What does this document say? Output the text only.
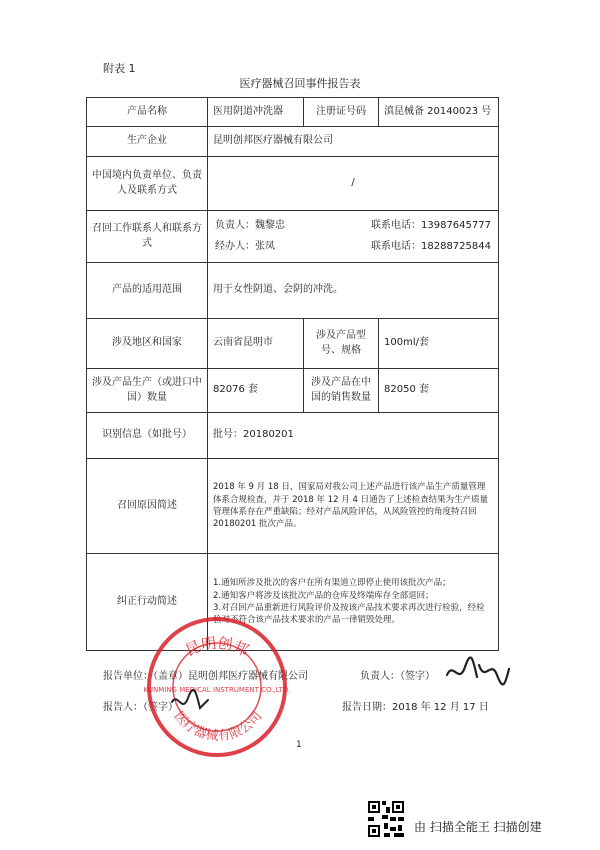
附表 1
医疗器械召回事件报告表
产品名称	医用阴道冲洗器	注册证号码	滇昆械备 20140023 号
生产企业	昆明创邦医疗器械有限公司		
中国境内负责单位、负责人及联系方式	/		
召回工作联系人和联系方式	负责人：魏黎忠 联系电话：13987645777
经办人：张凤 联系电话：18288725844		

产品的适用范围	用于女性阴道、会阴的冲洗。		
涉及地区和国家	云南省昆明市	涉及产品型号、规格	100ml/套
涉及产品生产（或进口中国）数量	82076 套	涉及产品在中国的销售数量	82050 套
识别信息（如批号）	批号：20180201		
召回原因简述	2018 年 9 月 18 日，国家局对我公司上述产品进行该产品生产质量管理体系合规检查，并于 2018 年 12 月 4 日通告了上述检查结果为生产质量管理体系存在严重缺陷；经对产品风险评估，从风险管控的角度特召回 20180201 批次产品。		
纠正行动简述	1.通知所涉及批次的客户在所有渠道立即停止使用该批次产品；
2.通知客户将涉及该批次产品的仓库及终端库存全部退回；
3.对召回产品重新进行风险评价及按该产品技术要求再次进行检验，经检验对不符合该产品技术要求的产品一律销毁处理。		
报告单位：（盖章）昆明创邦医疗器械有限公司	负责人：（签字）
报告人：（签字）	报告日期：2018 年 12 月 17 日
昆明创邦
KUNMING MEDICAL INSTRUMENT CO.,LTD.
医疗器械有限公司
1
由 扫描全能王 扫描创建
